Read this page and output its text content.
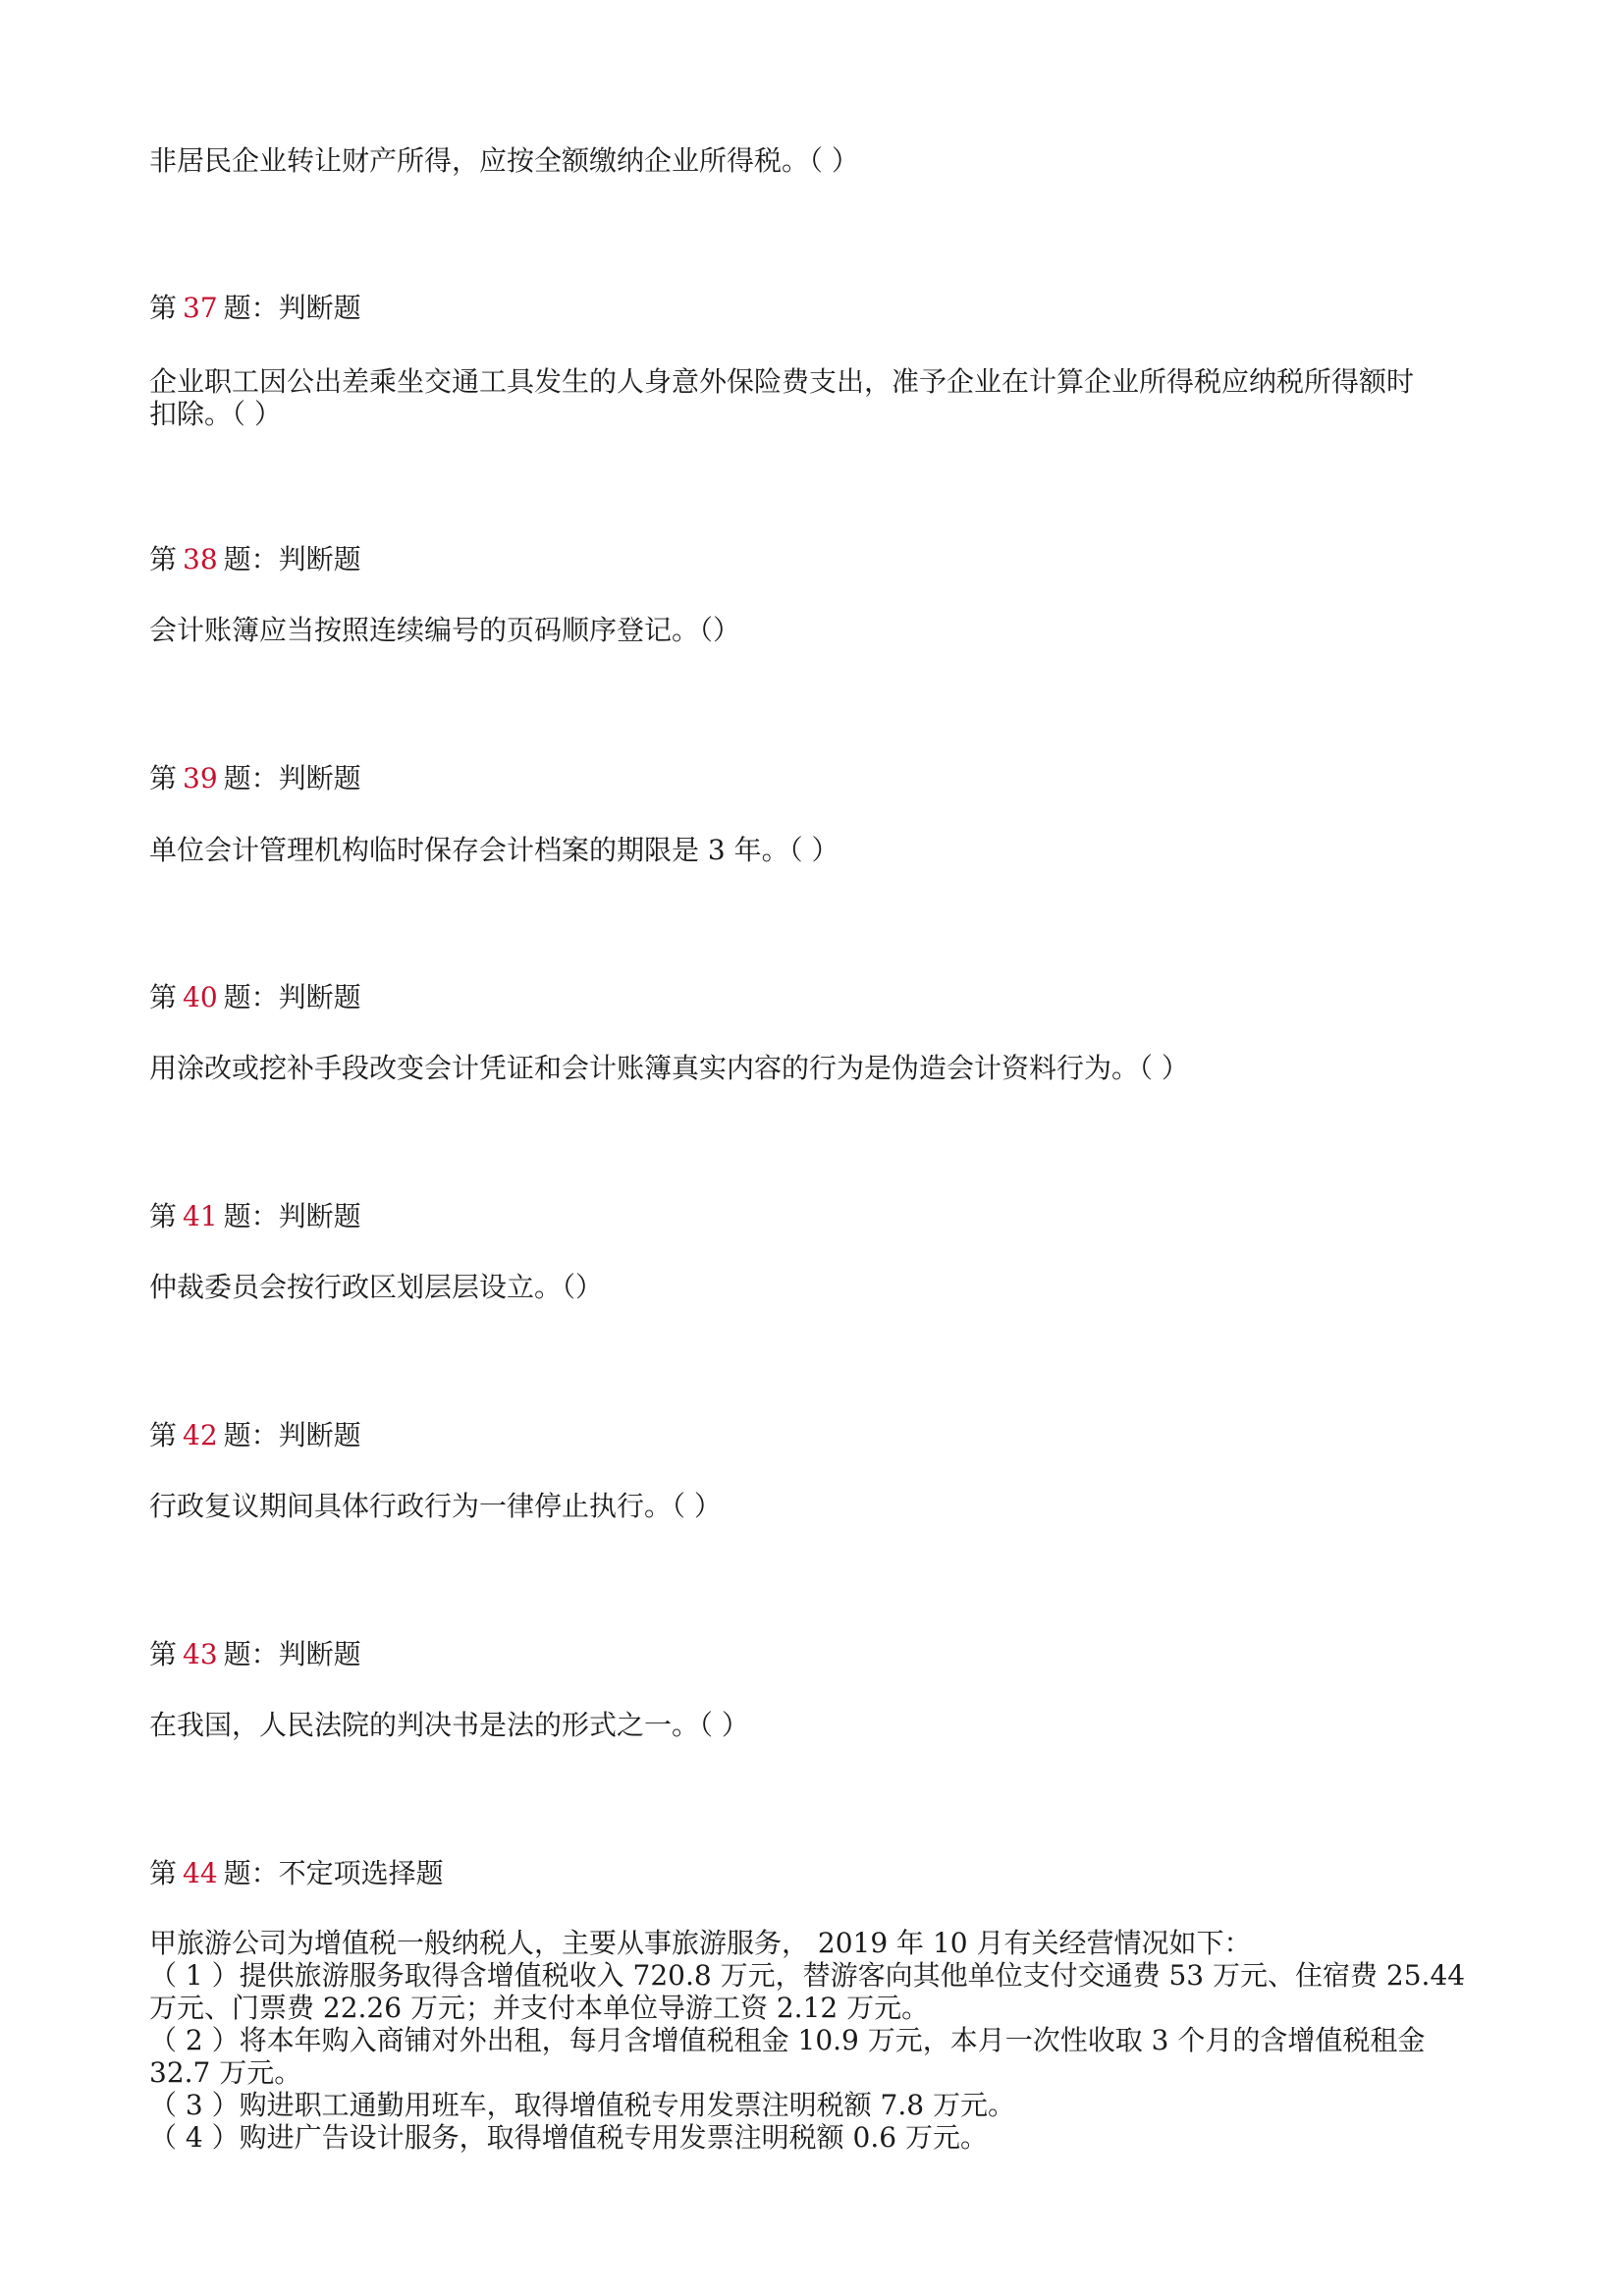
非居民企业转让财产所得，应按全额缴纳企业所得税。（ ）

第 37 题：判断题

企业职工因公出差乘坐交通工具发生的人身意外保险费支出，准予企业在计算企业所得税应纳税所得额时

扣除。（ ）

第 38 题：判断题

会计账簿应当按照连续编号的页码顺序登记。（）

第 39 题：判断题

单位会计管理机构临时保存会计档案的期限是 3 年。（ ）

第 40 题：判断题

用涂改或挖补手段改变会计凭证和会计账簿真实内容的行为是伪造会计资料行为。（ ）

第 41 题：判断题

仲裁委员会按行政区划层层设立。（）

第 42 题：判断题

行政复议期间具体行政行为一律停止执行。（ ）

第 43 题：判断题

在我国，人民法院的判决书是法的形式之一。（ ）

第 44 题：不定项选择题

甲旅游公司为增值税一般纳税人，主要从事旅游服务， 2019 年 10 月有关经营情况如下：

（ 1 ）提供旅游服务取得含增值税收入 720.8 万元，替游客向其他单位支付交通费 53 万元、住宿费 25.44

万元、门票费 22.26 万元；并支付本单位导游工资 2.12 万元。

（ 2 ）将本年购入商铺对外出租，每月含增值税租金 10.9 万元，本月一次性收取 3 个月的含增值税租金

32.7 万元。

（ 3 ）购进职工通勤用班车，取得增值税专用发票注明税额 7.8 万元。

（ 4 ）购进广告设计服务，取得增值税专用发票注明税额 0.6 万元。
